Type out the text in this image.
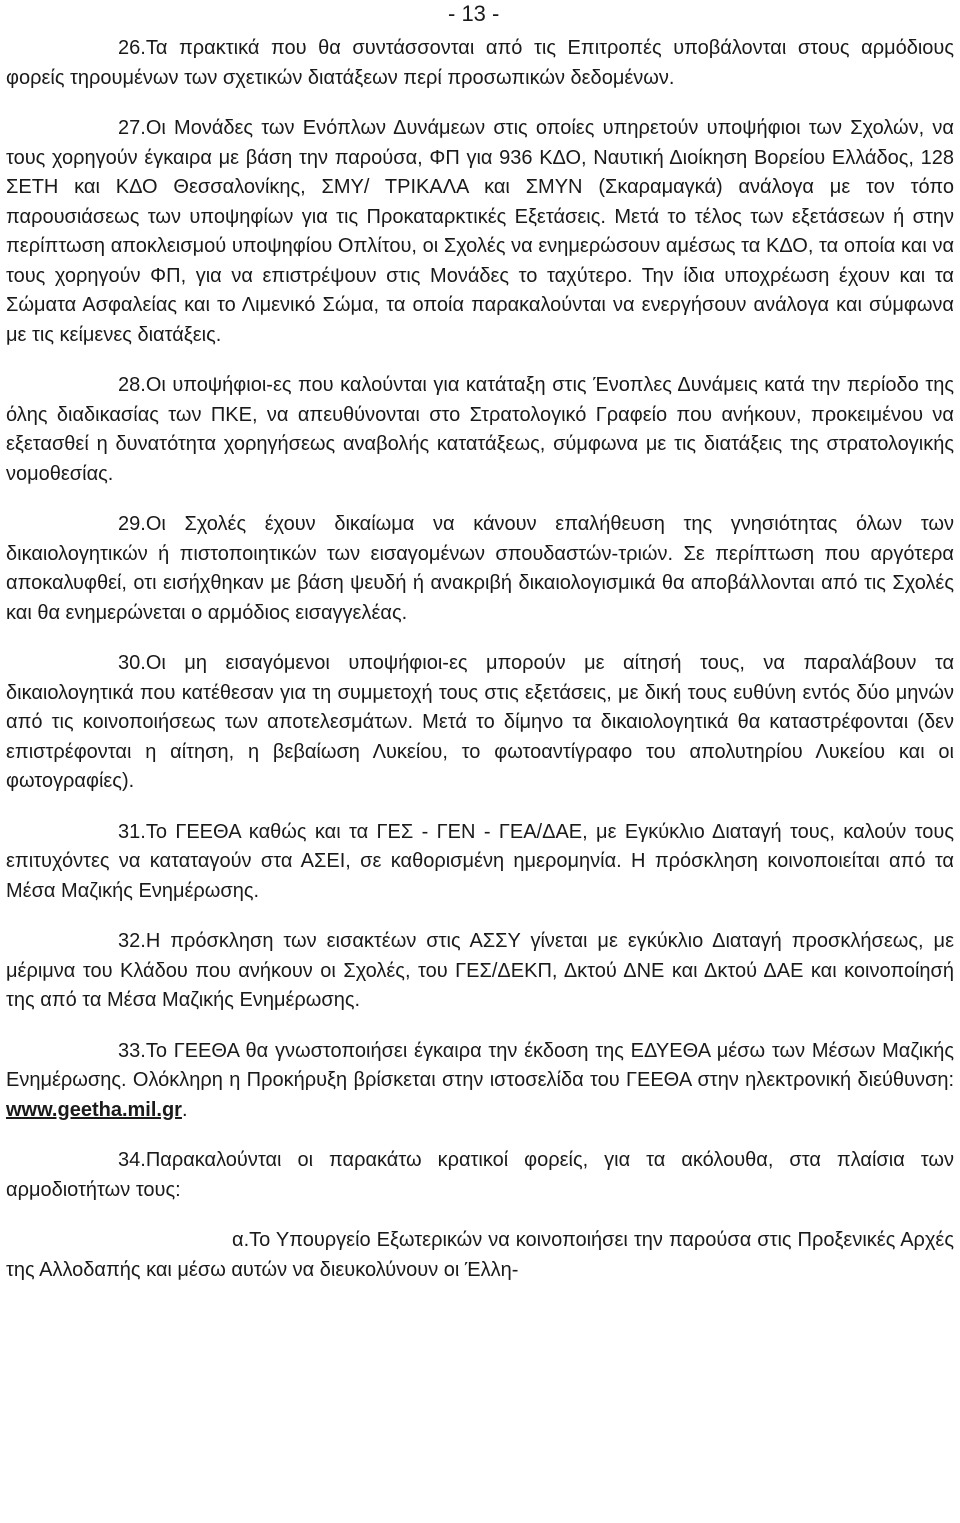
- 13 -

26.Τα πρακτικά που θα συντάσσονται από τις Επιτροπές υποβάλονται στους αρμόδιους φορείς τηρουμένων των σχετικών διατάξεων περί προσωπικών δεδομένων.

27.Οι Μονάδες των Ενόπλων Δυνάμεων στις οποίες υπηρετούν υποψήφιοι των Σχολών, να τους χορηγούν έγκαιρα με βάση την παρούσα, ΦΠ για 936 ΚΔΟ, Ναυτική Διοίκηση Βορείου Ελλάδος, 128 ΣΕΤΗ και ΚΔΟ Θεσσαλονίκης, ΣΜΥ/ ΤΡΙΚΑΛΑ και ΣΜΥΝ (Σκαραμαγκά) ανάλογα με τον τόπο παρουσιάσεως των υποψηφίων για τις Προκαταρκτικές Εξετάσεις. Μετά το τέλος των εξετάσεων ή στην περίπτωση αποκλεισμού υποψηφίου Οπλίτου, οι Σχολές να ενημερώσουν αμέσως τα ΚΔΟ, τα οποία και να τους χορηγούν ΦΠ, για να επιστρέψουν στις Μονάδες το ταχύτερο. Την ίδια υποχρέωση έχουν και τα Σώματα Ασφαλείας και το Λιμενικό Σώμα, τα οποία παρακαλούνται να ενεργήσουν ανάλογα και σύμφωνα με τις κείμενες διατάξεις.

28.Οι υποψήφιοι-ες που καλούνται για κατάταξη στις Ένοπλες Δυνάμεις κατά την περίοδο της όλης διαδικασίας των ΠΚΕ, να απευθύνονται στο Στρατολογικό Γραφείο που ανήκουν, προκειμένου να εξετασθεί η δυνατότητα χορηγήσεως αναβολής κατατάξεως, σύμφωνα με τις διατάξεις της στρατολογικής νομοθεσίας.

29.Οι Σχολές έχουν δικαίωμα να κάνουν επαλήθευση της γνησιότητας όλων των δικαιολογητικών ή πιστοποιητικών των εισαγομένων σπουδαστών-τριών. Σε περίπτωση που αργότερα αποκαλυφθεί, οτι εισήχθηκαν με βάση ψευδή ή ανακριβή δικαιολογισμικά θα αποβάλλονται από τις Σχολές και θα ενημερώνεται ο αρμόδιος εισαγγελέας.

30.Οι μη εισαγόμενοι υποψήφιοι-ες μπορούν με αίτησή τους, να παραλάβουν τα δικαιολογητικά που κατέθεσαν για τη συμμετοχή τους στις εξετάσεις, με δική τους ευθύνη εντός δύο μηνών από τις κοινοποιήσεως των αποτελεσμάτων. Μετά το δίμηνο τα δικαιολογητικά θα καταστρέφονται (δεν επιστρέφονται η αίτηση, η βεβαίωση Λυκείου, το φωτοαντίγραφο του απολυτηρίου Λυκείου και οι φωτογραφίες).

31.Το ΓΕΕΘΑ καθώς και τα ΓΕΣ - ΓΕΝ - ΓΕΑ/ΔΑΕ, με Εγκύκλιο Διαταγή τους, καλούν τους επιτυχόντες να καταταγούν στα ΑΣΕΙ, σε καθορισμένη ημερομηνία. Η πρόσκληση κοινοποιείται από τα Μέσα Μαζικής Ενημέρωσης.

32.Η πρόσκληση των εισακτέων στις ΑΣΣΥ γίνεται με εγκύκλιο Διαταγή προσκλήσεως, με μέριμνα του Κλάδου που ανήκουν οι Σχολές, του ΓΕΣ/ΔΕΚΠ, Δκτού ΔΝΕ και Δκτού ΔΑΕ και κοινοποίησή της από τα Μέσα Μαζικής Ενημέρωσης.

33.Το ΓΕΕΘΑ θα γνωστοποιήσει έγκαιρα την έκδοση της ΕΔΥΕΘΑ μέσω των Μέσων Μαζικής Ενημέρωσης. Ολόκληρη η Προκήρυξη βρίσκεται στην ιστοσελίδα του ΓΕΕΘΑ στην ηλεκτρονική διεύθυνση: www.geetha.mil.gr.

34.Παρακαλούνται οι παρακάτω κρατικοί φορείς, για τα ακόλουθα, στα πλαίσια των αρμοδιοτήτων τους:

α.Το Υπουργείο Εξωτερικών να κοινοποιήσει την παρούσα στις Προξενικές Αρχές της Αλλοδαπής και μέσω αυτών να διευκολύνουν οι Έλλη-
